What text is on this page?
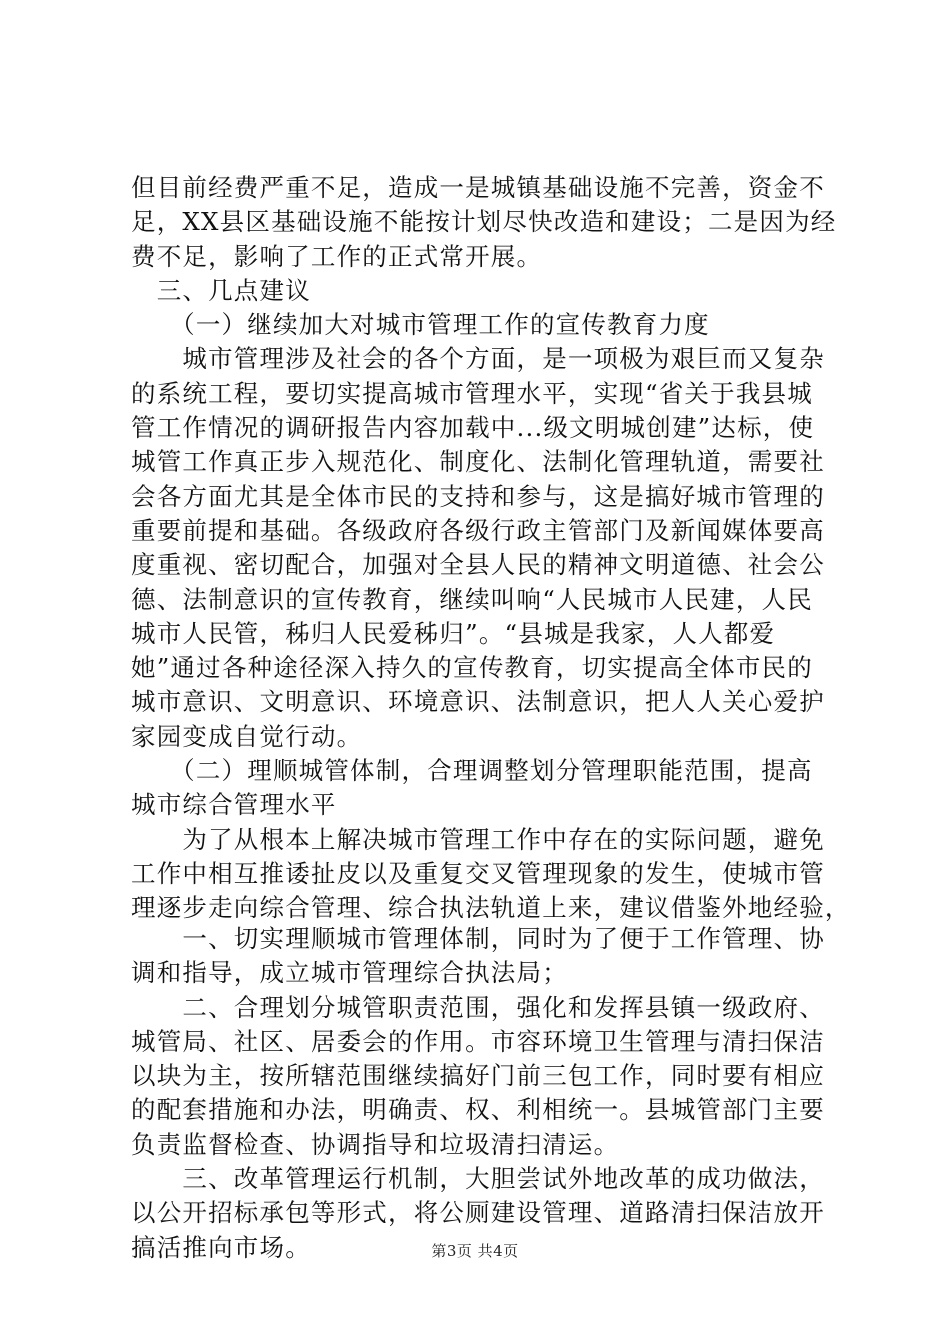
但目前经费严重不足，造成一是城镇基础设施不完善，资金不
足，XX县区基础设施不能按计划尽快改造和建设；二是因为经
费不足，影响了工作的正式常开展。
　三、几点建议
　　（一）继续加大对城市管理工作的宣传教育力度
　　城市管理涉及社会的各个方面，是一项极为艰巨而又复杂
的系统工程，要切实提高城市管理水平，实现“省关于我县城
管工作情况的调研报告内容加载中...级文明城创建”达标，使
城管工作真正步入规范化、制度化、法制化管理轨道，需要社
会各方面尤其是全体市民的支持和参与，这是搞好城市管理的
重要前提和基础。各级政府各级行政主管部门及新闻媒体要高
度重视、密切配合，加强对全县人民的精神文明道德、社会公
德、法制意识的宣传教育，继续叫响“人民城市人民建，人民
城市人民管，秭归人民爱秭归”。“县城是我家，人人都爱
她”通过各种途径深入持久的宣传教育，切实提高全体市民的
城市意识、文明意识、环境意识、法制意识，把人人关心爱护
家园变成自觉行动。
　　（二）理顺城管体制，合理调整划分管理职能范围，提高
城市综合管理水平
　　为了从根本上解决城市管理工作中存在的实际问题，避免
工作中相互推诿扯皮以及重复交叉管理现象的发生，使城市管
理逐步走向综合管理、综合执法轨道上来，建议借鉴外地经验，
　　一、切实理顺城市管理体制，同时为了便于工作管理、协
调和指导，成立城市管理综合执法局；
　　二、合理划分城管职责范围，强化和发挥县镇一级政府、
城管局、社区、居委会的作用。市容环境卫生管理与清扫保洁
以块为主，按所辖范围继续搞好门前三包工作，同时要有相应
的配套措施和办法，明确责、权、利相统一。县城管部门主要
负责监督检查、协调指导和垃圾清扫清运。
　　三、改革管理运行机制，大胆尝试外地改革的成功做法，
以公开招标承包等形式，将公厕建设管理、道路清扫保洁放开
搞活推向市场。	第3页 共4页
